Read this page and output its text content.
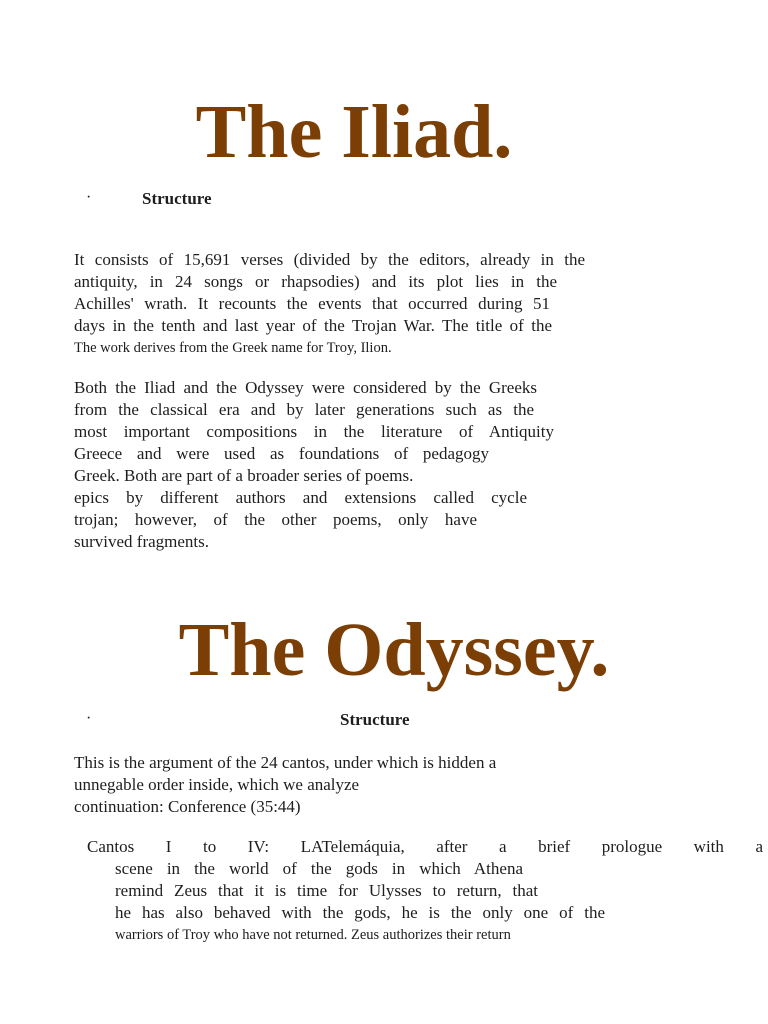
The Iliad.
·	Structure
It consists of 15,691 verses (divided by the editors, already in the
antiquity, in 24 songs or rhapsodies) and its plot lies in the
Achilles' wrath. It recounts the events that occurred during 51
days in the tenth and last year of the Trojan War. The title of the
The work derives from the Greek name for Troy, Ilion.
Both the Iliad and the Odyssey were considered by the Greeks
from the classical era and by later generations such as the
most important compositions in the literature of Antiquity
Greece and were used as foundations of pedagogy
Greek. Both are part of a broader series of poems.
epics by different authors and extensions called cycle
trojan; however, of the other poems, only have
survived fragments.
The Odyssey.
·	Structure
This is the argument of the 24 cantos, under which is hidden a
unnegable order inside, which we analyze
continuation: Conference (35:44)
Cantos I to IV: LATelemáquia, after a brief prologue with a
scene in the world of the gods in which Athena
remind Zeus that it is time for Ulysses to return, that
he has also behaved with the gods, he is the only one of the
warriors of Troy who have not returned. Zeus authorizes their return
